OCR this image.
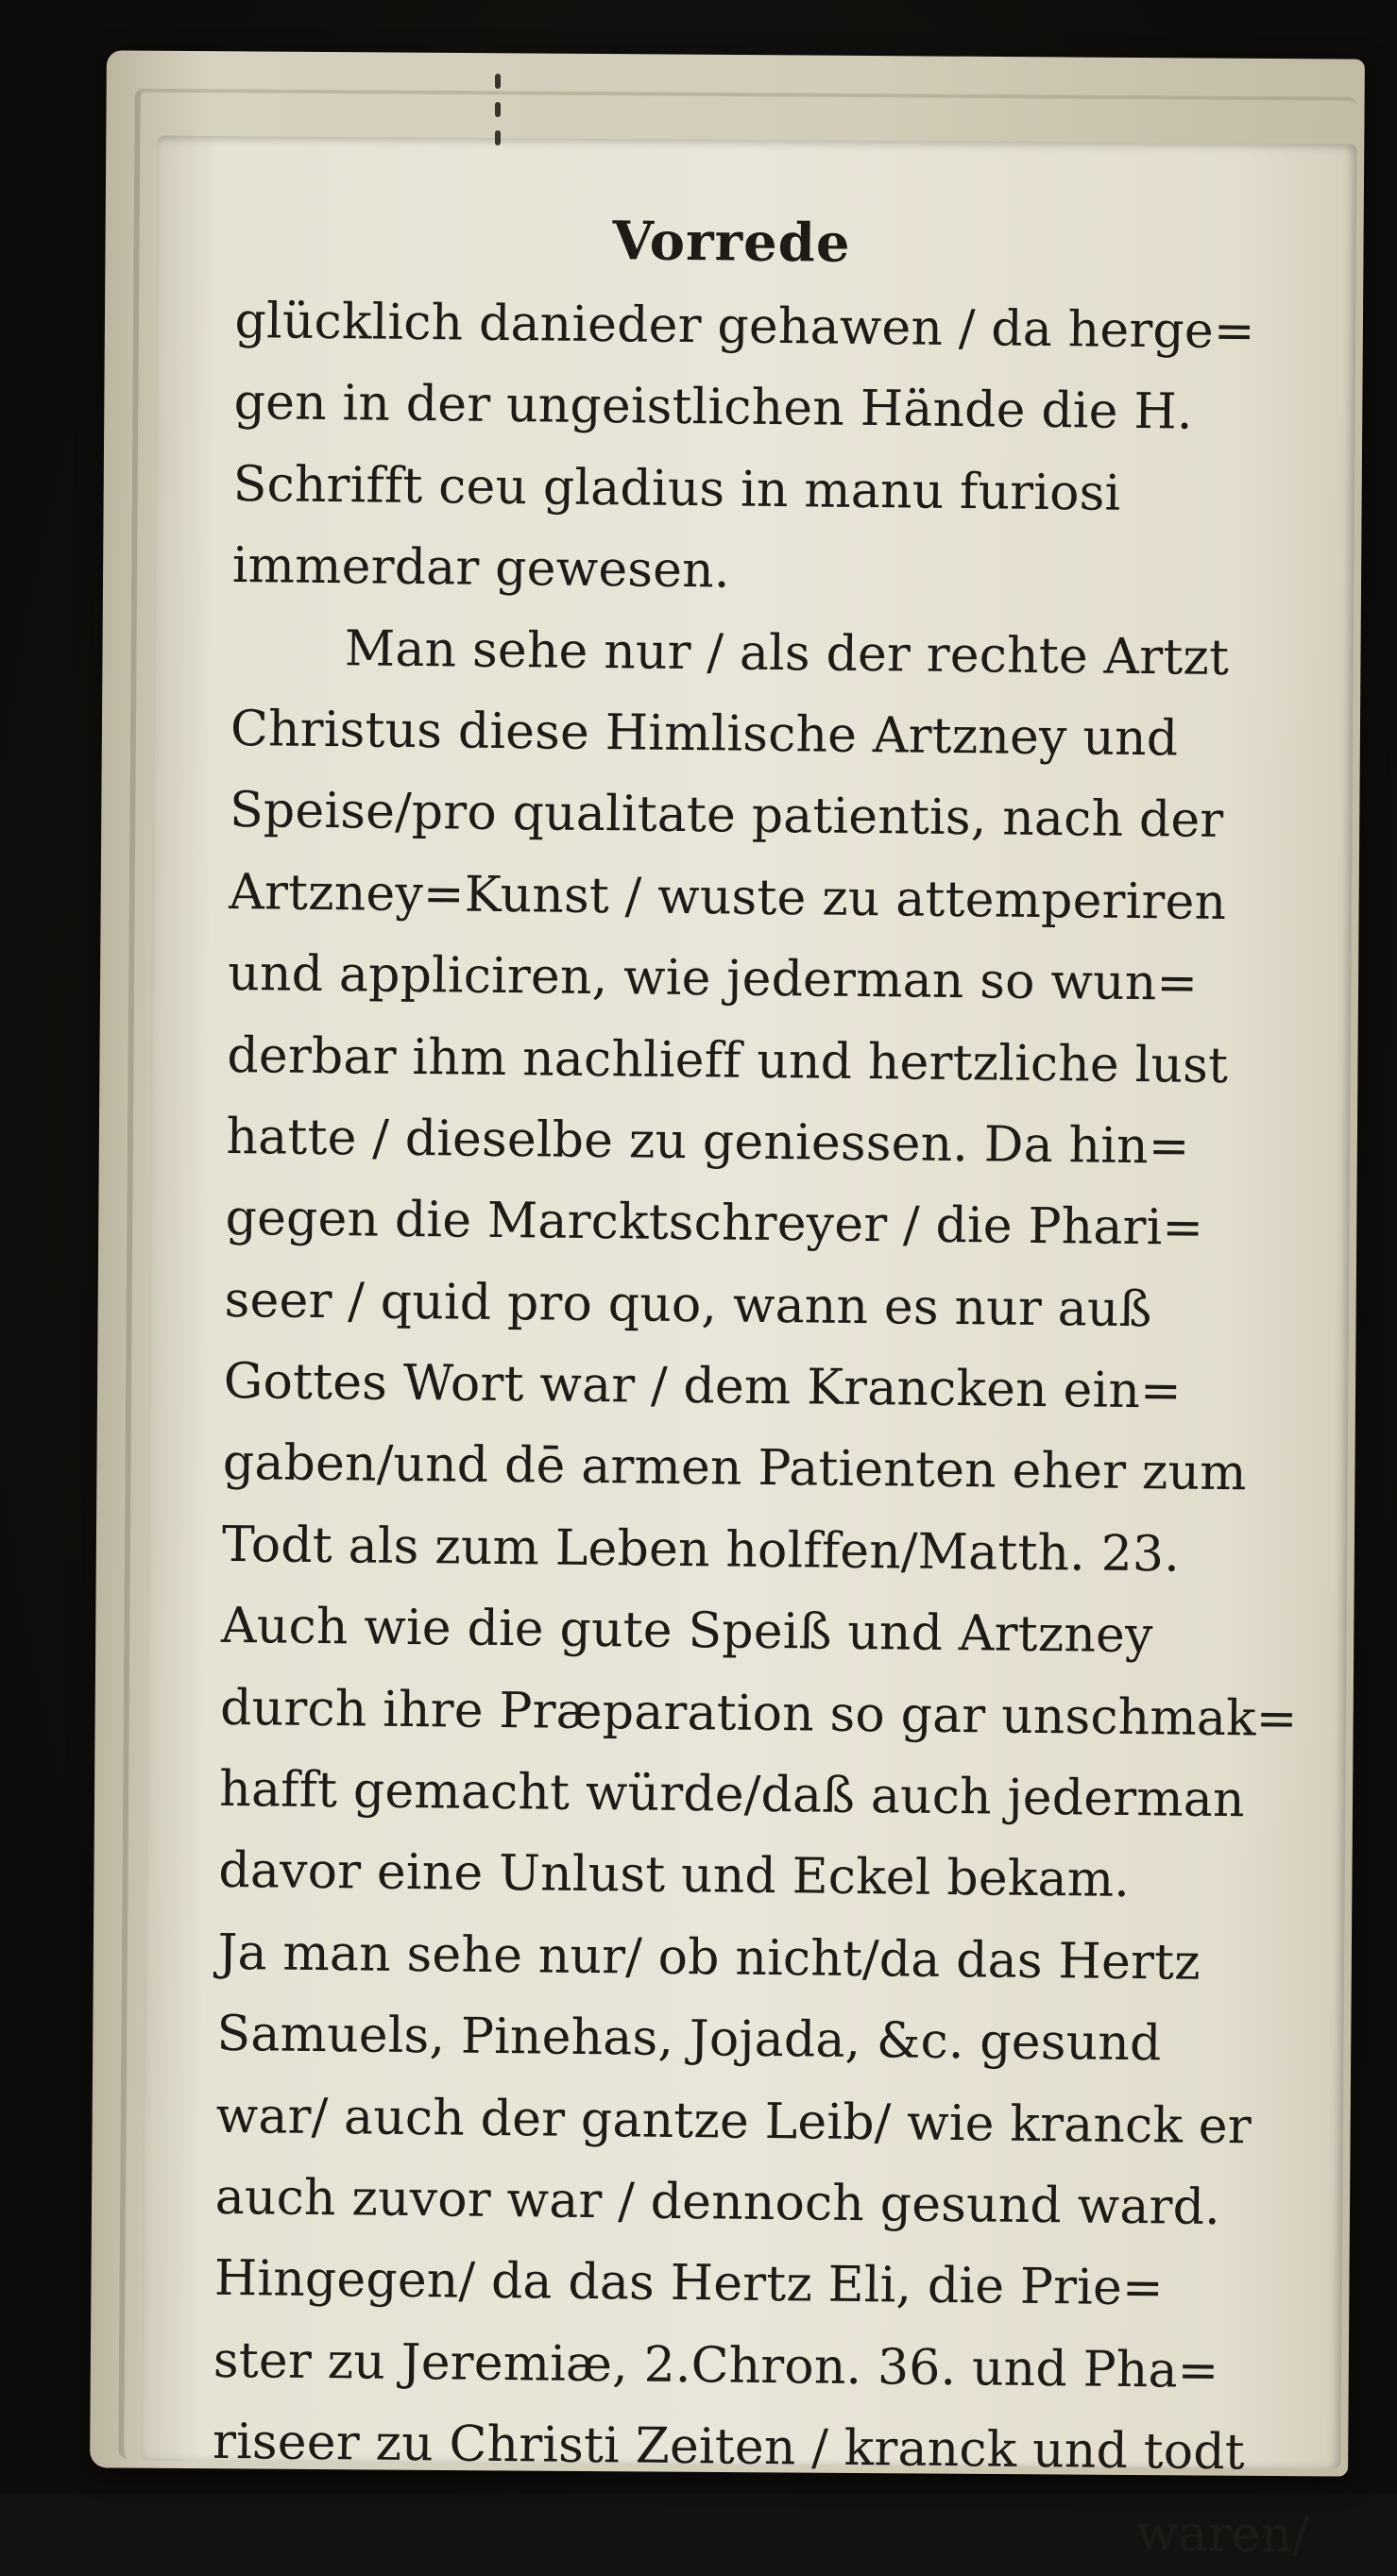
Vorrede
glücklich danieder gehawen / da herge=
gen in der ungeistlichen Hände die H.
Schrifft ceu gladius in manu furiosi
immerdar gewesen.
Man sehe nur / als der rechte Artzt
Christus diese Himlische Artzney und
Speise/pro qualitate patientis, nach der
Artzney=Kunst / wuste zu attemperiren
und appliciren, wie jederman so wun=
derbar ihm nachlieff und hertzliche lust
hatte / dieselbe zu geniessen. Da hin=
gegen die Marcktschreyer / die Phari=
seer / quid pro quo, wann es nur auß
Gottes Wort war / dem Krancken ein=
gaben/und dē armen Patienten eher zum
Todt als zum Leben holffen/Matth. 23.
Auch wie die gute Speiß und Artzney
durch ihre Præparation so gar unschmak=
hafft gemacht würde/daß auch jederman
davor eine Unlust und Eckel bekam.
Ja man sehe nur/ ob nicht/da das Hertz
Samuels, Pinehas, Jojada, &c. gesund
war/ auch der gantze Leib/ wie kranck er
auch zuvor war / dennoch gesund ward.
Hingegen/ da das Hertz Eli, die Prie=
ster zu Jeremiæ, 2.Chron. 36. und Pha=
riseer zu Christi Zeiten / kranck und todt
waren/
